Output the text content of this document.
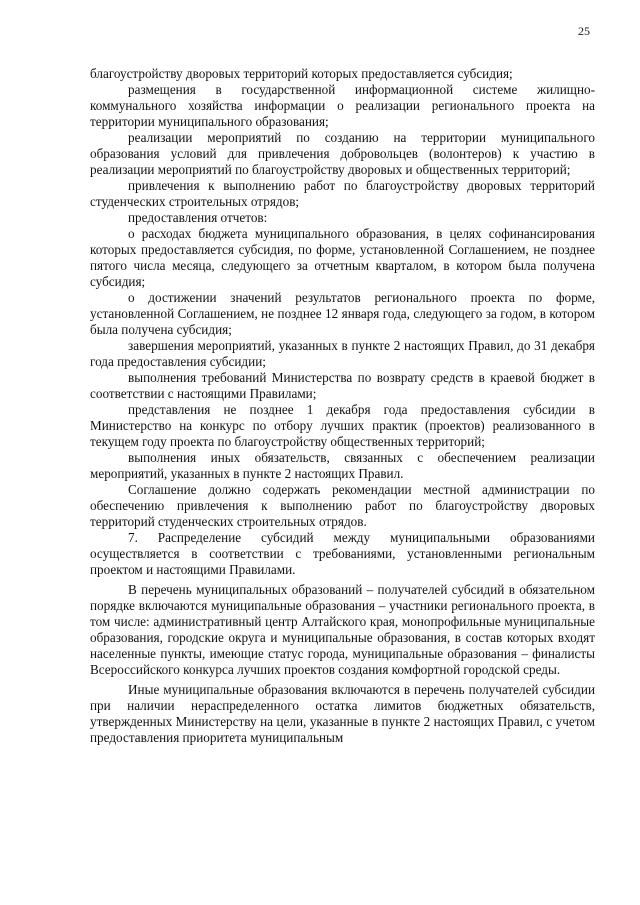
25

благоустройству дворовых территорий которых предоставляется субсидия;

размещения в государственной информационной системе жилищно-коммунального хозяйства информации о реализации регионального проекта на территории муниципального образования;

реализации мероприятий по созданию на территории муниципального образования условий для привлечения добровольцев (волонтеров) к участию в реализации мероприятий по благоустройству дворовых и общественных территорий;

привлечения к выполнению работ по благоустройству дворовых территорий студенческих строительных отрядов;

предоставления отчетов:

о расходах бюджета муниципального образования, в целях софинансирования которых предоставляется субсидия, по форме, установленной Соглашением, не позднее пятого числа месяца, следующего за отчетным кварталом, в котором была получена субсидия;

о достижении значений результатов регионального проекта по форме, установленной Соглашением, не позднее 12 января года, следующего за годом, в котором была получена субсидия;

завершения мероприятий, указанных в пункте 2 настоящих Правил, до 31 декабря года предоставления субсидии;

выполнения требований Министерства по возврату средств в краевой бюджет в соответствии с настоящими Правилами;

представления не позднее 1 декабря года предоставления субсидии в Министерство на конкурс по отбору лучших практик (проектов) реализованного в текущем году проекта по благоустройству общественных территорий;

выполнения иных обязательств, связанных с обеспечением реализации мероприятий, указанных в пункте 2 настоящих Правил.

Соглашение должно содержать рекомендации местной администрации по обеспечению привлечения к выполнению работ по благоустройству дворовых территорий студенческих строительных отрядов.

7. Распределение субсидий между муниципальными образованиями осуществляется в соответствии с требованиями, установленными региональным проектом и настоящими Правилами.

В перечень муниципальных образований – получателей субсидий в обязательном порядке включаются муниципальные образования – участники регионального проекта, в том числе: административный центр Алтайского края, монопрофильные муниципальные образования, городские округа и муниципальные образования, в состав которых входят населенные пункты, имеющие статус города, муниципальные образования – финалисты Всероссийского конкурса лучших проектов создания комфортной городской среды.

Иные муниципальные образования включаются в перечень получателей субсидии при наличии нераспределенного остатка лимитов бюджетных обязательств, утвержденных Министерству на цели, указанные в пункте 2 настоящих Правил, с учетом предоставления приоритета муниципальным
